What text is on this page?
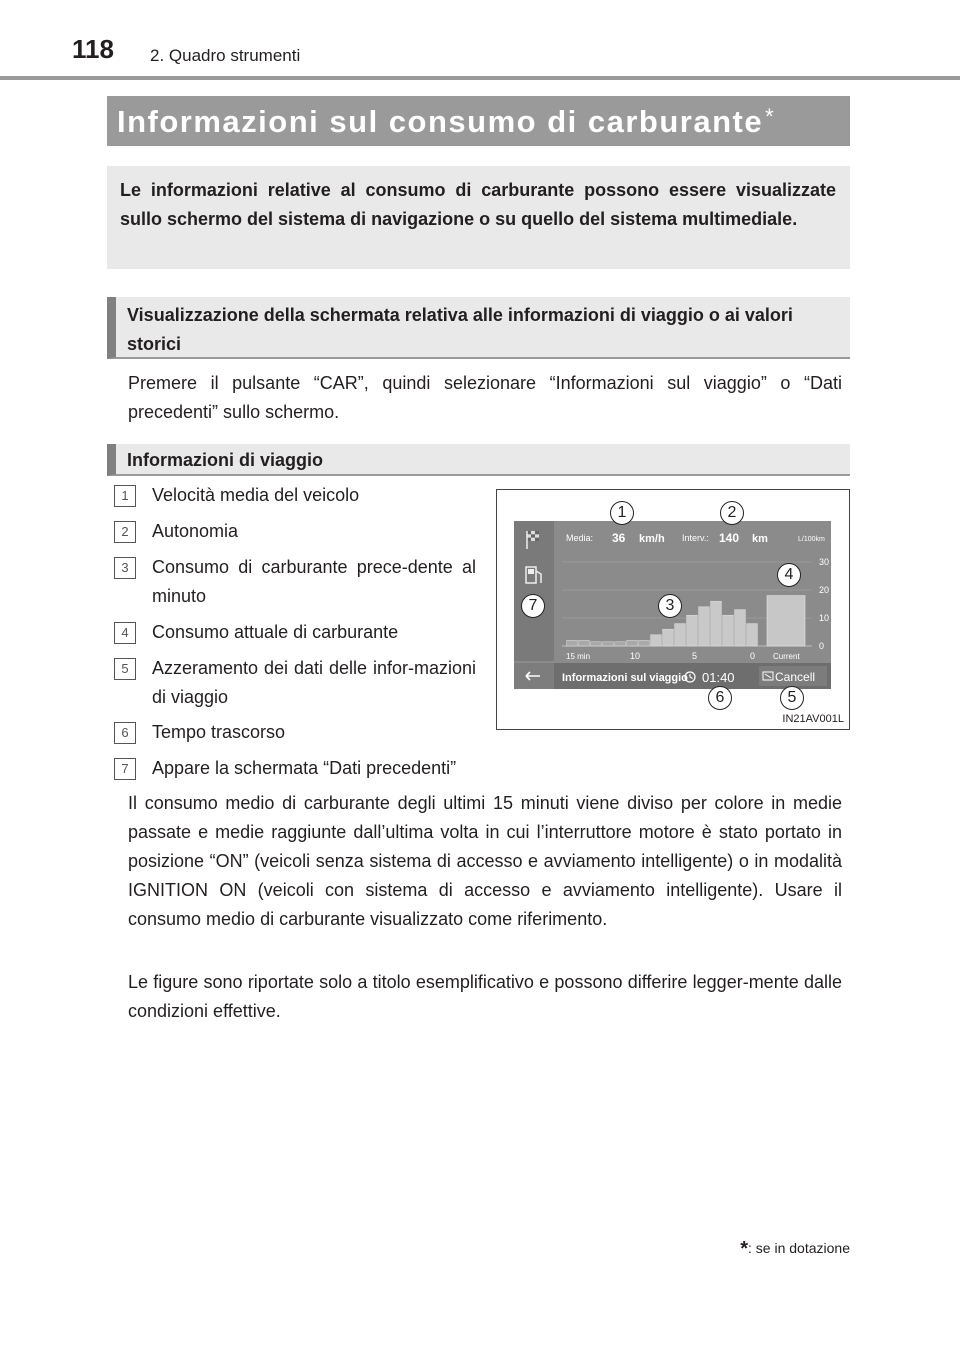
118 2. Quadro strumenti
Informazioni sul consumo di carburante*
Le informazioni relative al consumo di carburante possono essere visualizzate sullo schermo del sistema di navigazione o su quello del sistema multimediale.
Visualizzazione della schermata relativa alle informazioni di viaggio o ai valori storici
Premere il pulsante “CAR”, quindi selezionare “Informazioni sul viaggio” o “Dati precedenti” sullo schermo.
Informazioni di viaggio
1	Velocità media del veicolo
2	Autonomia
3	Consumo di carburante prece-dente al minuto
4	Consumo attuale di carburante
5	Azzeramento dei dati delle infor-mazioni di viaggio
6	Tempo trascorso
7	Appare la schermata “Dati precedenti”
Media: 36 km/h Interv.: 140 km	L/100km
30
20
10
0
15 min	10	5	0 Current
Informazioni sul viaggio 01:40	Cancell
1	2
3
4
5
6
7
IN21AV001L
Il consumo medio di carburante degli ultimi 15 minuti viene diviso per colore in medie passate e medie raggiunte dall’ultima volta in cui l’interruttore motore è stato portato in posizione “ON” (veicoli senza sistema di accesso e avviamento intelligente) o in modalità IGNITION ON (veicoli con sistema di accesso e avviamento intelligente). Usare il consumo medio di carburante visualizzato come riferimento.
Le figure sono riportate solo a titolo esemplificativo e possono differire legger-mente dalle condizioni effettive.
*: se in dotazione
